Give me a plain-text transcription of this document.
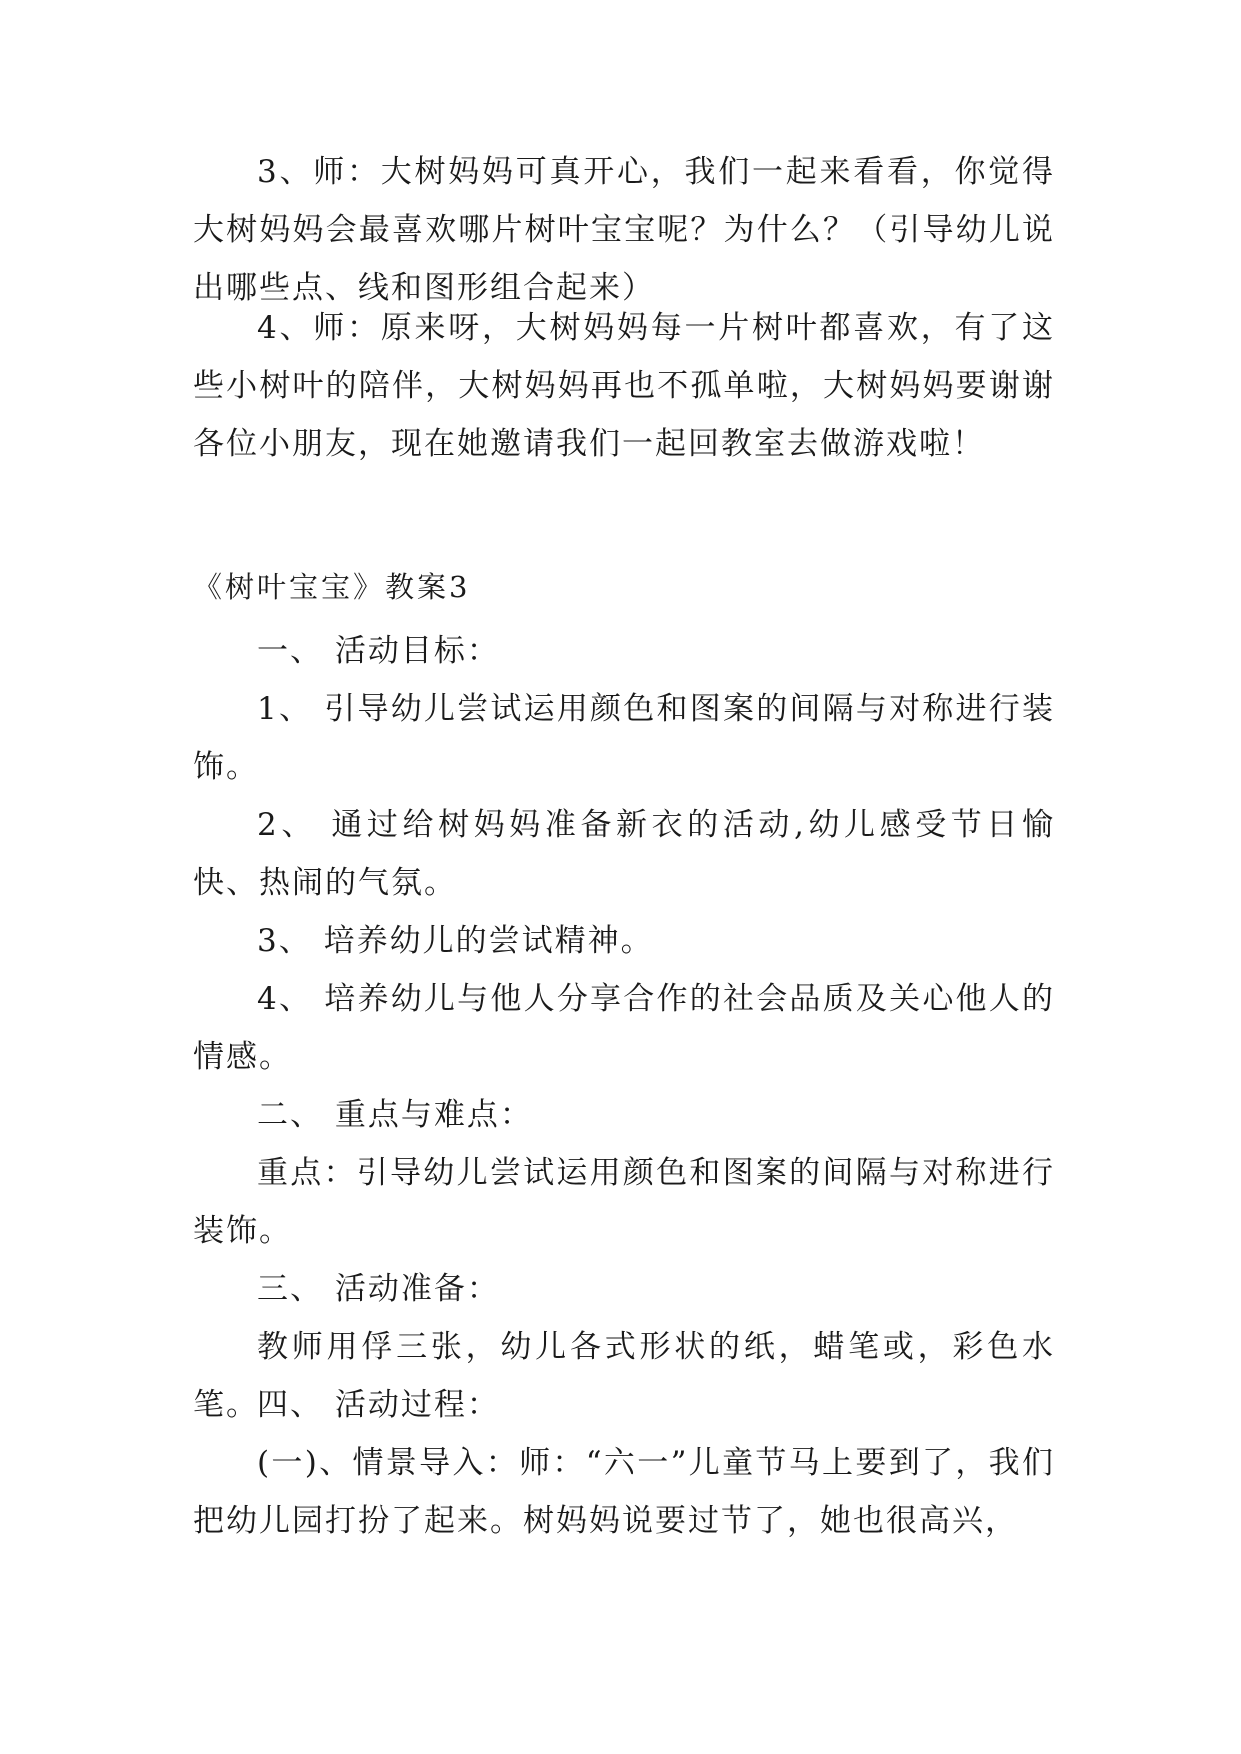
3、师：大树妈妈可真开心，我们一起来看看，你觉得大树妈妈会最喜欢哪片树叶宝宝呢？为什么？（引导幼儿说出哪些点、线和图形组合起来）

4、师：原来呀，大树妈妈每一片树叶都喜欢，有了这些小树叶的陪伴，大树妈妈再也不孤单啦，大树妈妈要谢谢各位小朋友，现在她邀请我们一起回教室去做游戏啦！

《树叶宝宝》教案3

一、 活动目标：

1、 引导幼儿尝试运用颜色和图案的间隔与对称进行装饰。

2、 通过给树妈妈准备新衣的活动,幼儿感受节日愉快、热闹的气氛。

3、 培养幼儿的尝试精神。

4、 培养幼儿与他人分享合作的社会品质及关心他人的情感。

二、 重点与难点：

重点：引导幼儿尝试运用颜色和图案的间隔与对称进行装饰。

三、 活动准备：

教师用俘三张，幼儿各式形状的纸，蜡笔或，彩色水笔。

四、 活动过程：

(一)、情景导入：师：“六一”儿童节马上要到了，我们把幼儿园打扮了起来。树妈妈说要过节了，她也很高兴，
